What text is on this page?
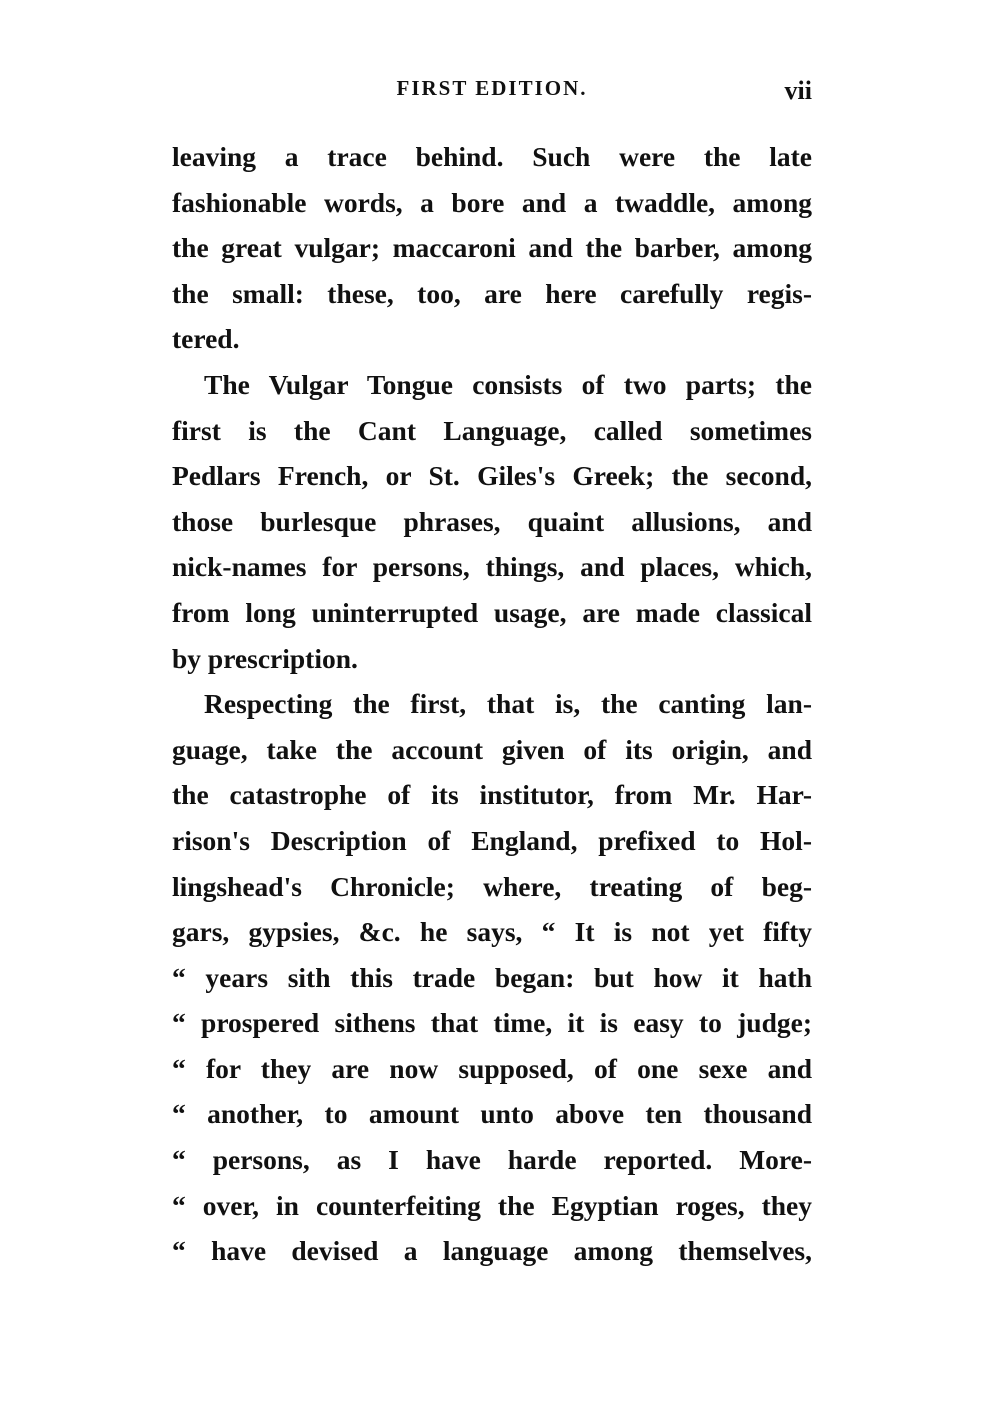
FIRST EDITION.	vii
leaving a trace behind. Such were the late
fashionable words, a bore and a twaddle, among
the great vulgar; maccaroni and the barber, among
the small: these, too, are here carefully regis-
tered.
The Vulgar Tongue consists of two parts; the
first is the Cant Language, called sometimes
Pedlars French, or St. Giles's Greek; the second,
those burlesque phrases, quaint allusions, and
nick-names for persons, things, and places, which,
from long uninterrupted usage, are made classical
by prescription.
Respecting the first, that is, the canting lan-
guage, take the account given of its origin, and
the catastrophe of its institutor, from Mr. Har-
rison's Description of England, prefixed to Hol-
lingshead's Chronicle; where, treating of beg-
gars, gypsies, &c. he says, “ It is not yet fifty
“ years sith this trade began: but how it hath
“ prospered sithens that time, it is easy to judge;
“ for they are now supposed, of one sexe and
“ another, to amount unto above ten thousand
“ persons, as I have harde reported. More-
“ over, in counterfeiting the Egyptian roges, they
“ have devised a language among themselves,
